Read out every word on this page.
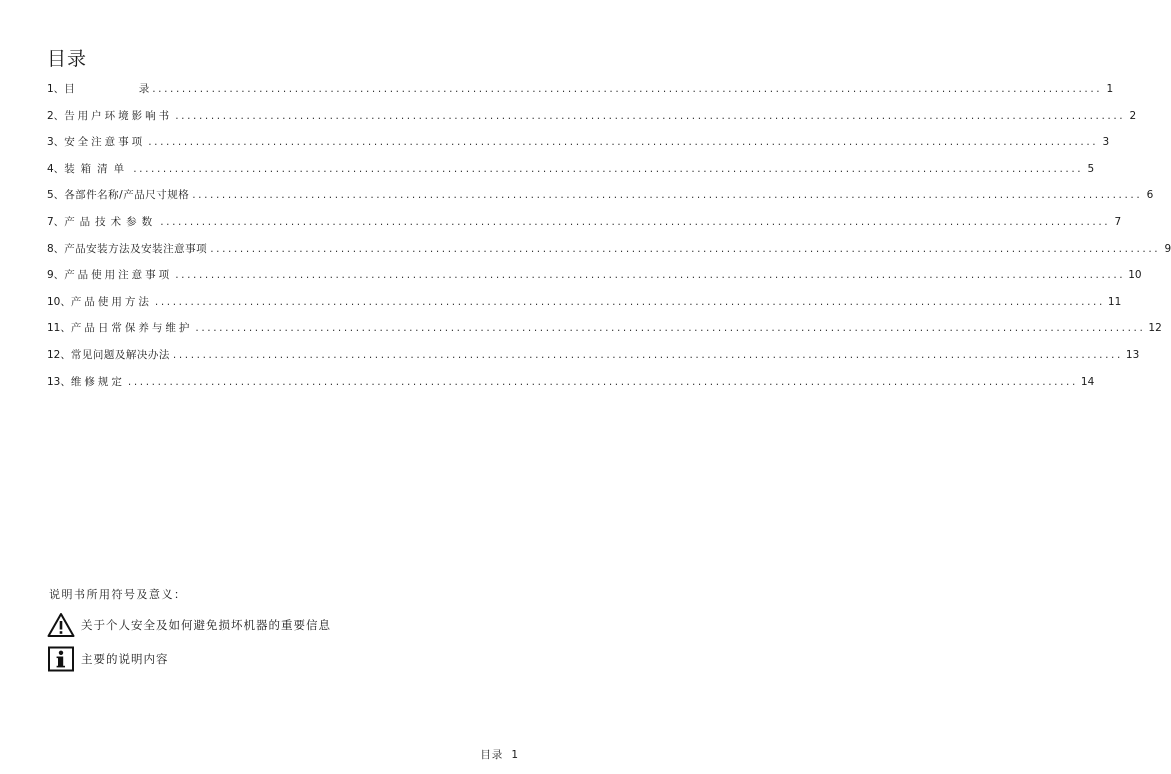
目录
1、 目	录 ................................................................................................................................................................ 1
2、 告用户环境影响书 ................................................................................................................................................................ 2
3、 安全注意事项 ................................................................................................................................................................ 3
4、 装箱清单 ................................................................................................................................................................ 5
5、 各部件名称/产品尺寸规格 ................................................................................................................................................................ 6
7、 产品技术参数 ................................................................................................................................................................ 7
8、 产品安装方法及安装注意事项 ................................................................................................................................................................ 9
9、 产品使用注意事项 ................................................................................................................................................................ 10
10、 产品使用方法 ................................................................................................................................................................ 11
11、 产品日常保养与维护 ................................................................................................................................................................ 12
12、 常见问题及解决办法 ................................................................................................................................................................ 13
13、 维修规定 ................................................................................................................................................................ 14
说明书所用符号及意义：
关于个人安全及如何避免损坏机器的重要信息
主要的说明内容
目录 1
